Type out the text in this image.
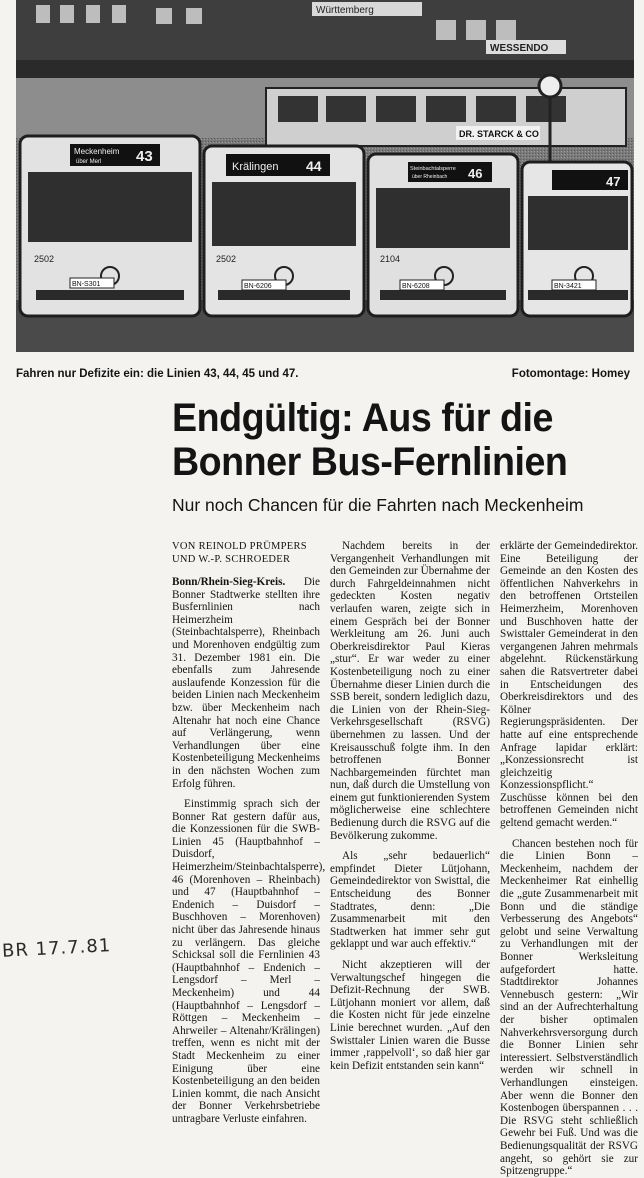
Württemberg
WESSENDO
DR. STARCK & CO
Meckenheim
über Merl 43
2502
BN-S301
Krälingen 44
2502
BN-6206
Steinbachtalsperre
über Rheinbach 46
2104
BN-6208
47
BN-3421
Fahren nur Defizite ein: die Linien 43, 44, 45 und 47.	Fotomontage: Homey
Endgültig: Aus für die
Bonner Bus-Fernlinien
Nur noch Chancen für die Fahrten nach Meckenheim
VON REINOLD PRÜMPERS
UND W.-P. SCHROEDER

Bonn/Rhein-Sieg-Kreis. Die Bonner Stadtwerke stellten ihre Busfernlinien nach Heimerzheim (Steinbachtalsperre), Rheinbach und Morenhoven endgültig zum 31. Dezember 1981 ein. Die ebenfalls zum Jahresende auslaufende Konzession für die beiden Linien nach Meckenheim bzw. über Meckenheim nach Altenahr hat noch eine Chance auf Verlängerung, wenn Verhandlungen über eine Kostenbeteiligung Meckenheims in den nächsten Wochen zum Erfolg führen.

Einstimmig sprach sich der Bonner Rat gestern dafür aus, die Konzessionen für die SWB-Linien 45 (Hauptbahnhof – Duisdorf, Heimerzheim/Steinbachtalsperre), 46 (Morenhoven – Rheinbach) und 47 (Hauptbahnhof – Endenich – Duisdorf – Buschhoven – Morenhoven) nicht über das Jahresende hinaus zu verlängern. Das gleiche Schicksal soll die Fernlinien 43 (Hauptbahnhof – Endenich – Lengsdorf – Merl – Meckenheim) und 44 (Hauptbahnhof – Lengsdorf – Röttgen – Meckenheim – Ahrweiler – Altenahr/Krälingen) treffen, wenn es nicht mit der Stadt Meckenheim zu einer Einigung über eine Kostenbeteiligung an den beiden Linien kommt, die nach Ansicht der Bonner Verkehrsbetriebe untragbare Verluste einfahren.

Nachdem bereits in der Vergangenheit Verhandlungen mit den Gemeinden zur Übernahme der durch Fahrgeldeinnahmen nicht gedeckten Kosten negativ verlaufen waren, zeigte sich in einem Gespräch bei der Bonner Werkleitung am 26. Juni auch Oberkreisdirektor Paul Kieras „stur“. Er war weder zu einer Kostenbeteiligung noch zu einer Übernahme dieser Linien durch die SSB bereit, sondern lediglich dazu, die Linien von der Rhein-Sieg-Verkehrsgesellschaft (RSVG) übernehmen zu lassen. Und der Kreisausschuß folgte ihm. In den betroffenen Bonner Nachbargemeinden fürchtet man nun, daß durch die Umstellung von einem gut funktionierenden System möglicherweise eine schlechtere Bedienung durch die RSVG auf die Bevölkerung zukomme.

Als „sehr bedauerlich“ empfindet Dieter Lütjohann, Gemeindedirektor von Swisttal, die Entscheidung des Bonner Stadtrates, denn: „Die Zusammenarbeit mit den Stadtwerken hat immer sehr gut geklappt und war auch effektiv.“

Nicht akzeptieren will der Verwaltungschef hingegen die Defizit-Rechnung der SWB. Lütjohann moniert vor allem, daß die Kosten nicht für jede einzelne Linie berechnet wurden. „Auf den Swisttaler Linien waren die Busse immer ‚rappelvoll‘, so daß hier gar kein Defizit entstanden sein kann“

erklärte der Gemeindedirektor. Eine Beteiligung der Gemeinde an den Kosten des öffentlichen Nahverkehrs in den betroffenen Ortsteilen Heimerzheim, Morenhoven und Buschhoven hatte der Swisttaler Gemeinderat in den vergangenen Jahren mehrmals abgelehnt. Rückenstärkung sahen die Ratsvertreter dabei in Entscheidungen des Oberkreisdirektors und des Kölner Regierungspräsidenten. Der hatte auf eine entsprechende Anfrage lapidar erklärt: „Konzessionsrecht ist gleichzeitig Konzessionspflicht.“ Zuschüsse können bei den betroffenen Gemeinden nicht geltend gemacht werden.“

Chancen bestehen noch für die Linien Bonn – Meckenheim, nachdem der Meckenheimer Rat einhellig die „gute Zusammenarbeit mit Bonn und die ständige Verbesserung des Angebots“ gelobt und seine Verwaltung zu Verhandlungen mit der Bonner Werksleitung aufgefordert hatte. Stadtdirektor Johannes Vennebusch gestern: „Wir sind an der Aufrechterhaltung der bisher optimalen Nahverkehrsversorgung durch die Bonner Linien sehr interessiert. Selbstverständlich werden wir schnell in Verhandlungen einsteigen. Aber wenn die Bonner den Kostenbogen überspannen . . . Die RSVG steht schließlich Gewehr bei Fuß. Und was die Bedienungsqualität der RSVG angeht, so gehört sie zur Spitzengruppe.“

BR 17.7.81
